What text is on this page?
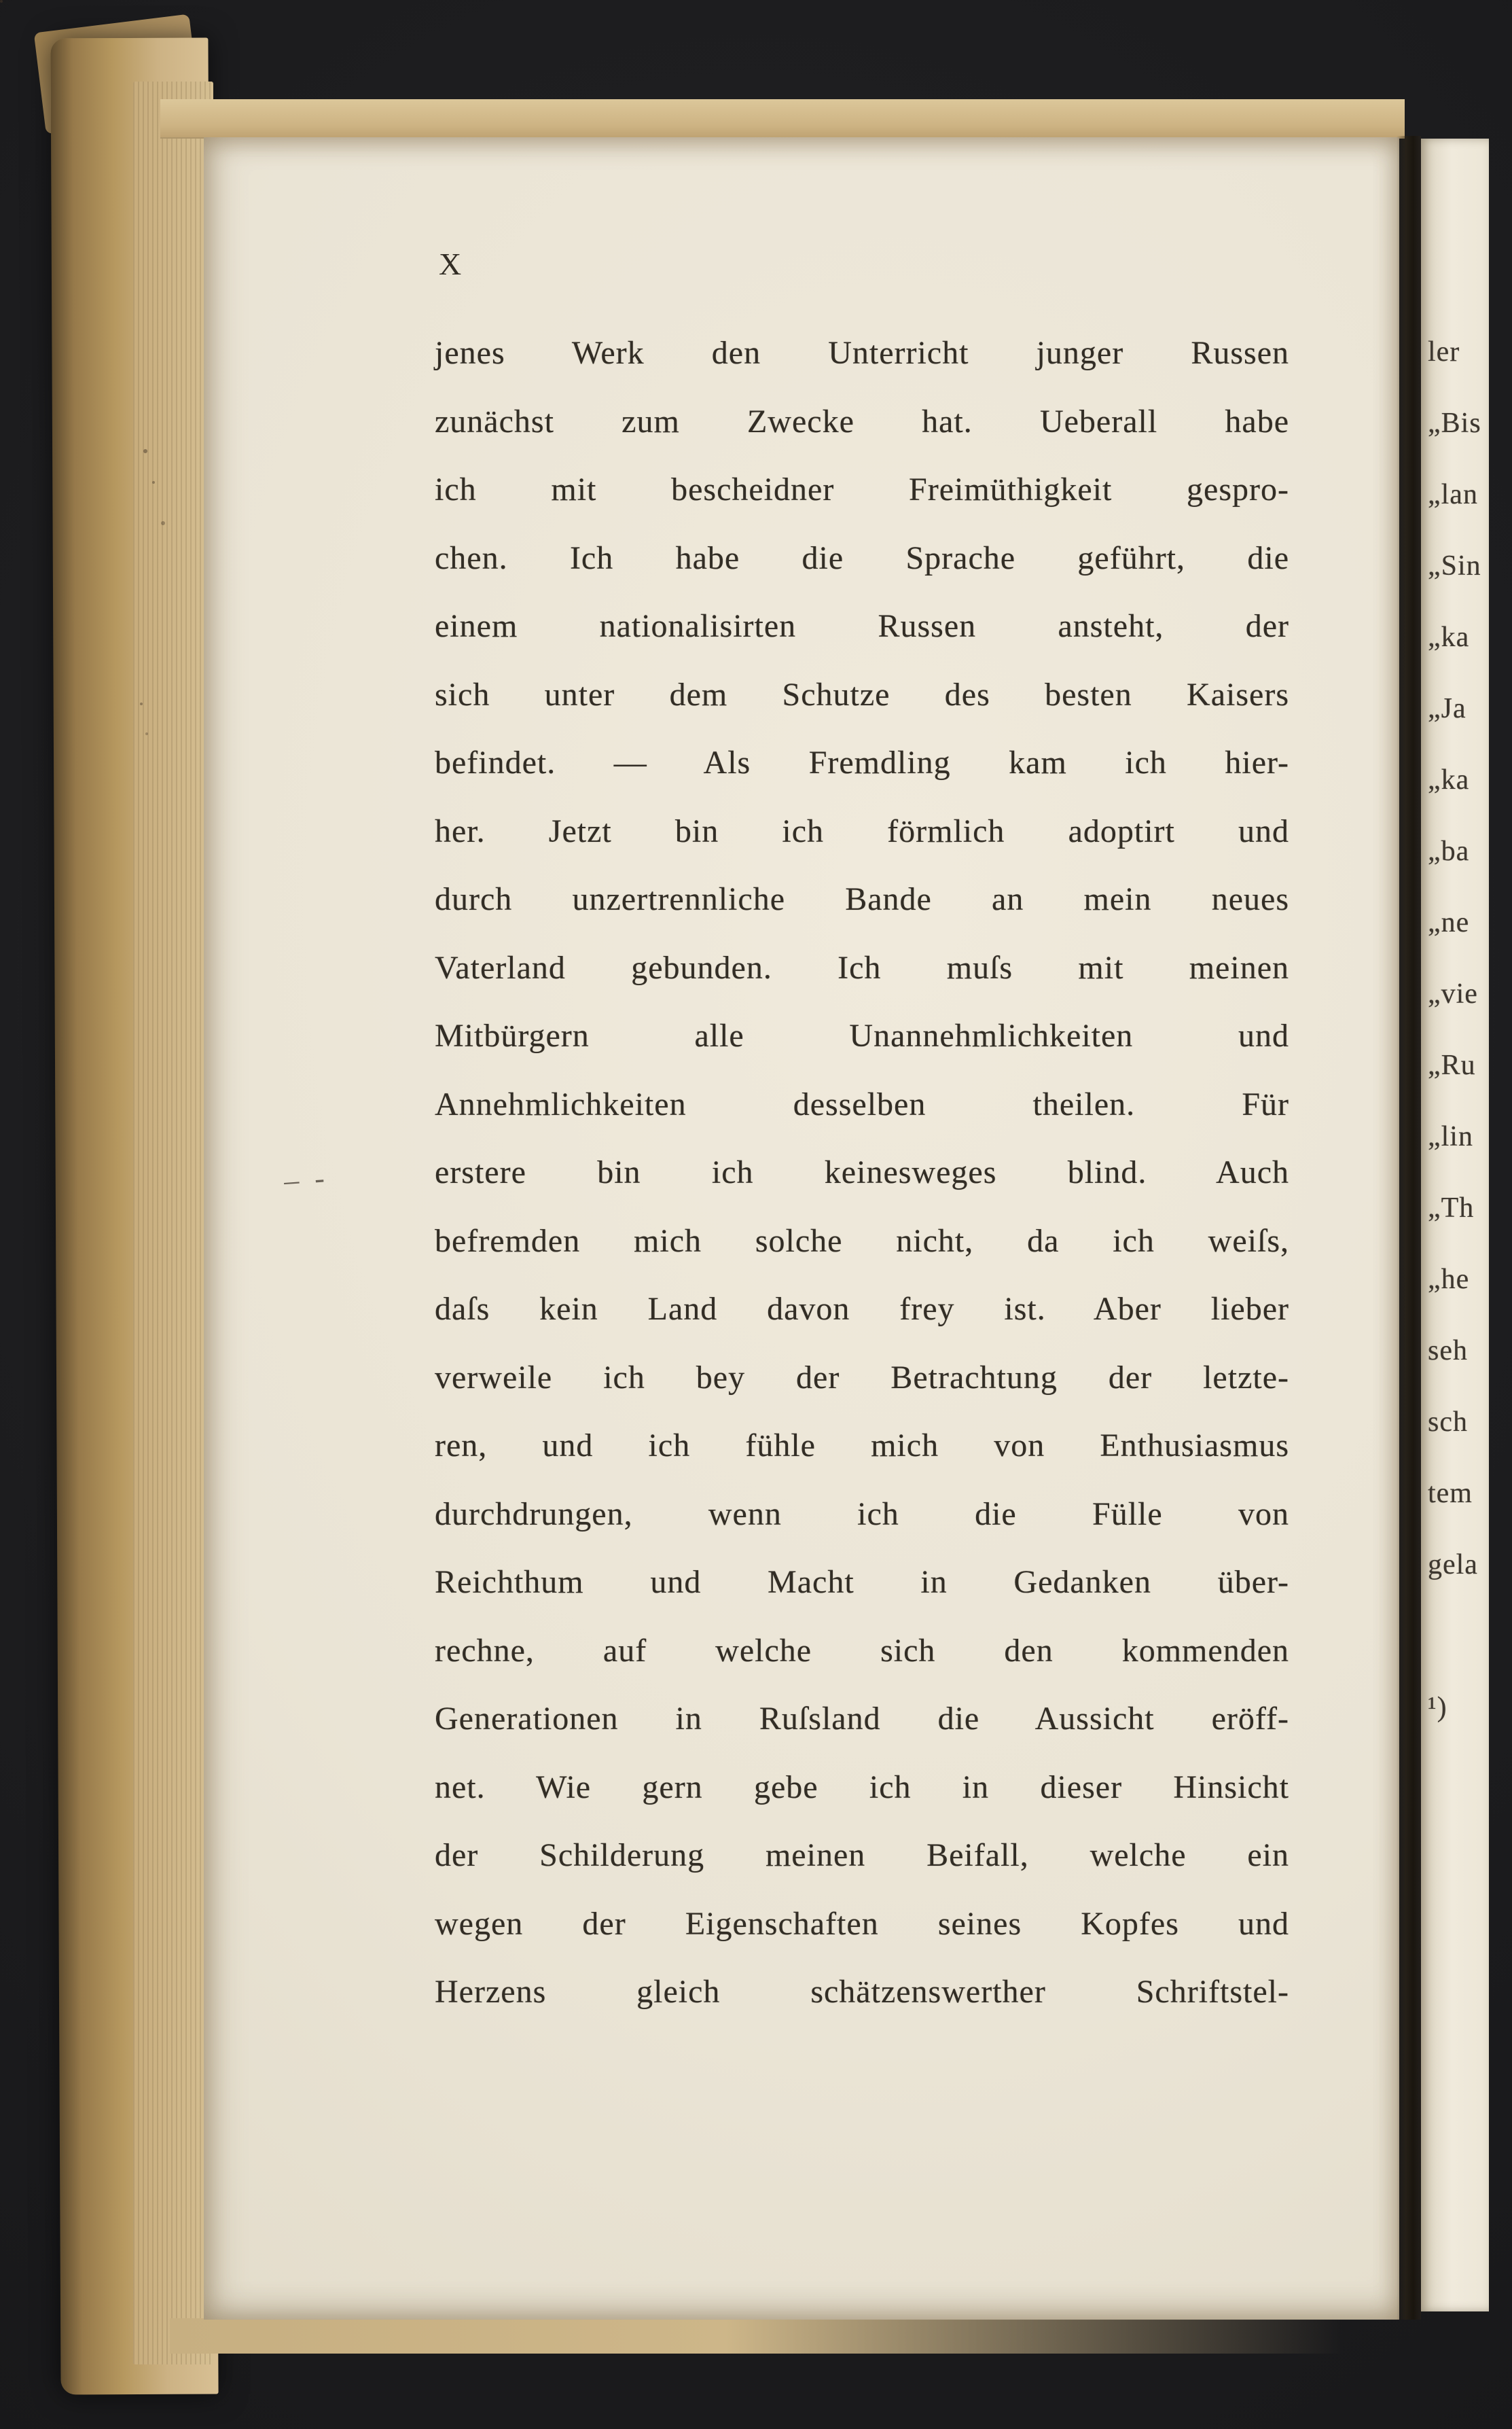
X
jenes Werk den Unterricht junger Russen
zunächst zum Zwecke hat. Ueberall habe
ich mit bescheidner Freimüthigkeit gespro-
chen. Ich habe die Sprache geführt, die
einem nationalisirten Russen ansteht, der
sich unter dem Schutze des besten Kaisers
befindet. — Als Fremdling kam ich hier-
her. Jetzt bin ich förmlich adoptirt und
durch unzertrennliche Bande an mein neues
Vaterland gebunden. Ich muſs mit meinen
Mitbürgern alle Unannehmlichkeiten und
Annehmlichkeiten desselben theilen. Für
erstere bin ich keinesweges blind. Auch
befremden mich solche nicht, da ich weiſs,
daſs kein Land davon frey ist. Aber lieber
verweile ich bey der Betrachtung der letzte-
ren, und ich fühle mich von Enthusiasmus
durchdrungen, wenn ich die Fülle von
Reichthum und Macht in Gedanken über-
rechne, auf welche sich den kommenden
Generationen in Ruſsland die Aussicht eröff-
net. Wie gern gebe ich in dieser Hinsicht
der Schilderung meinen Beifall, welche ein
wegen der Eigenschaften seines Kopfes und
Herzens gleich schätzenswerther Schriftstel-
– -
ler
„Bis
„lan
„Sin
„ka
„Ja
„ka
„ba
„ne
„vie
„Ru
„lin
„Th
„he
seh
sch
tem
gela
¹)
